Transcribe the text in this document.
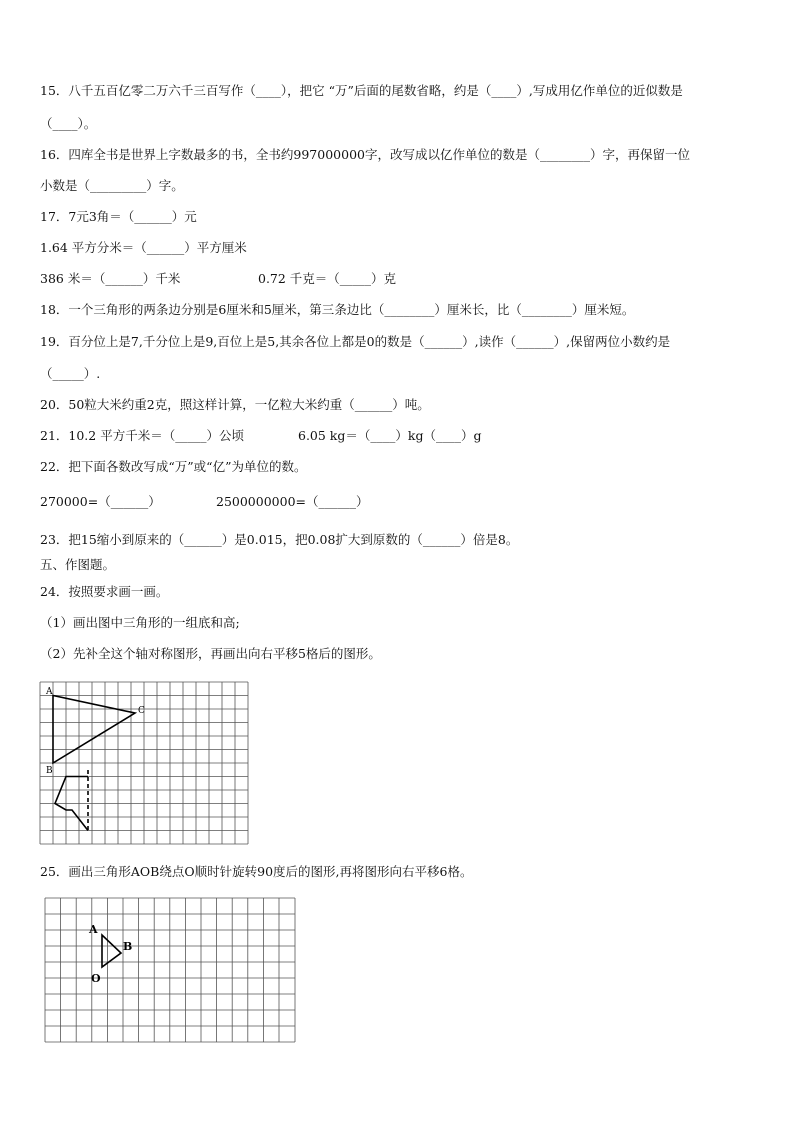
15．八千五百亿零二万六千三百写作（____），把它 “万”后面的尾数省略，约是（____）,写成用亿作单位的近似数是
（____）。
16．四库全书是世界上字数最多的书，全书约997000000字，改写成以亿作单位的数是（________）字，再保留一位
小数是（_________）字。
17．7元3角＝（______）元
1.64 平方分米＝（______）平方厘米
386 米＝（______）千米	0.72 千克＝（_____）克
18．一个三角形的两条边分别是6厘米和5厘米，第三条边比（________）厘米长，比（________）厘米短。
19．百分位上是7,千分位上是9,百位上是5,其余各位上都是0的数是（______）,读作（______）,保留两位小数约是
（_____）.
20．50粒大米约重2克，照这样计算，一亿粒大米约重（______）吨。
21．10.2 平方千米＝（_____）公顷	6.05 kg＝（____）kg（____）g
22．把下面各数改写成“万”或“亿”为单位的数。
270000=（______）	2500000000=（______）
23．把15缩小到原来的（______）是0.015，把0.08扩大到原数的（______）倍是8。
五、作图题。
24．按照要求画一画。
（1）画出图中三角形的一组底和高;
（2）先补全这个轴对称图形，再画出向右平移5格后的图形。
A
B
C
25．画出三角形AOB绕点O顺时针旋转90度后的图形,再将图形向右平移6格。
A
B
O
